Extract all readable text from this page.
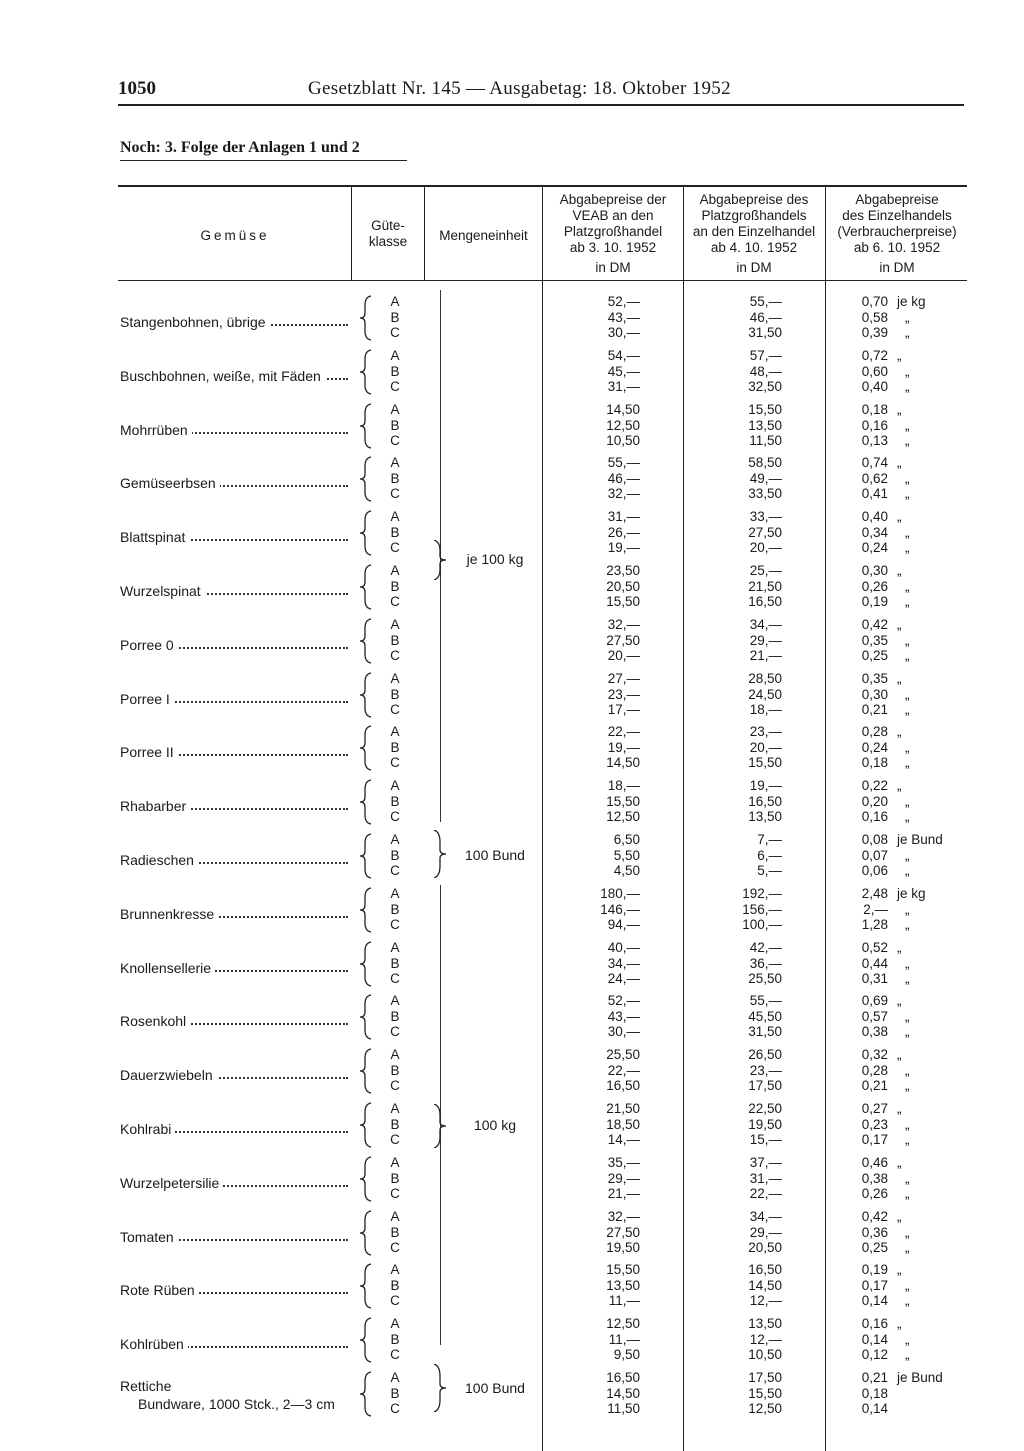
1050	Gesetzblatt Nr. 145 — Ausgabetag: 18. Oktober 1952
Noch: 3. Folge der Anlagen 1 und 2
Gemüse
Güte-
klasse	Mengeneinheit
Abgabepreise der
VEAB an den
Platzgroßhandel
ab 3. 10. 1952
in DM
Abgabepreise des
Platzgroßhandels
an den Einzelhandel
ab 4. 10. 1952
in DM
Abgabepreise
des Einzelhandels
(Verbraucherpreise)
ab 6. 10. 1952
in DM
Stangenbohnen, übrige
A
B
C
52,—
43,—
30,—
55,—
46,—
31,50
0,70
0,58
0,39
je kg
„
„
Buschbohnen, weiße, mit Fäden
A
B
C
54,—
45,—
31,—
57,—
48,—
32,50
0,72
0,60
0,40
„
„
„
Mohrrüben
A
B
C
14,50
12,50
10,50
15,50
13,50
11,50
0,18
0,16
0,13
„
„
„
Gemüseerbsen
A
B
C
55,—
46,—
32,—
58,50
49,—
33,50
0,74
0,62
0,41
„
„
„
Blattspinat
A
B
C
31,—
26,—
19,—
33,—
27,50
20,—
0,40
0,34
0,24
„
„
„
Wurzelspinat
A
B
C
23,50
20,50
15,50
25,—
21,50
16,50
0,30
0,26
0,19
„
„
„
Porree 0
A
B
C
32,—
27,50
20,—
34,—
29,—
21,—
0,42
0,35
0,25
„
„
„
Porree I
A
B
C
27,—
23,—
17,—
28,50
24,50
18,—
0,35
0,30
0,21
„
„
„
Porree II
A
B
C
22,—
19,—
14,50
23,—
20,—
15,50
0,28
0,24
0,18
„
„
„
Rhabarber
A
B
C
18,—
15,50
12,50
19,—
16,50
13,50
0,22
0,20
0,16
„
„
„
Radieschen
A
B
C
6,50
5,50
4,50
7,—
6,—
5,—
0,08
0,07
0,06
je Bund
„
„
Brunnenkresse
A
B
C
180,—
146,—
94,—
192,—
156,—
100,—
2,48
2,—
1,28
je kg
„
„
Knollensellerie
A
B
C
40,—
34,—
24,—
42,—
36,—
25,50
0,52
0,44
0,31
„
„
„
Rosenkohl
A
B
C
52,—
43,—
30,—
55,—
45,50
31,50
0,69
0,57
0,38
„
„
„
Dauerzwiebeln
A
B
C
25,50
22,—
16,50
26,50
23,—
17,50
0,32
0,28
0,21
„
„
„
Kohlrabi
A
B
C
21,50
18,50
14,—
22,50
19,50
15,—
0,27
0,23
0,17
„
„
„
Wurzelpetersilie
A
B
C
35,—
29,—
21,—
37,—
31,—
22,—
0,46
0,38
0,26
„
„
„
Tomaten
A
B
C
32,—
27,50
19,50
34,—
29,—
20,50
0,42
0,36
0,25
„
„
„
Rote Rüben
A
B
C
15,50
13,50
11,—
16,50
14,50
12,—
0,19
0,17
0,14
„
„
„
Kohlrüben
A
B
C
12,50
11,—
9,50
13,50
12,—
10,50
0,16
0,14
0,12
„
„
„
Rettiche
Bundware, 1000 Stck., 2—3 cm
A
B
C
16,50
14,50
11,50
17,50
15,50
12,50
0,21
0,18
0,14
je Bund
je 100 kg
100 Bund
100 kg
100 Bund
